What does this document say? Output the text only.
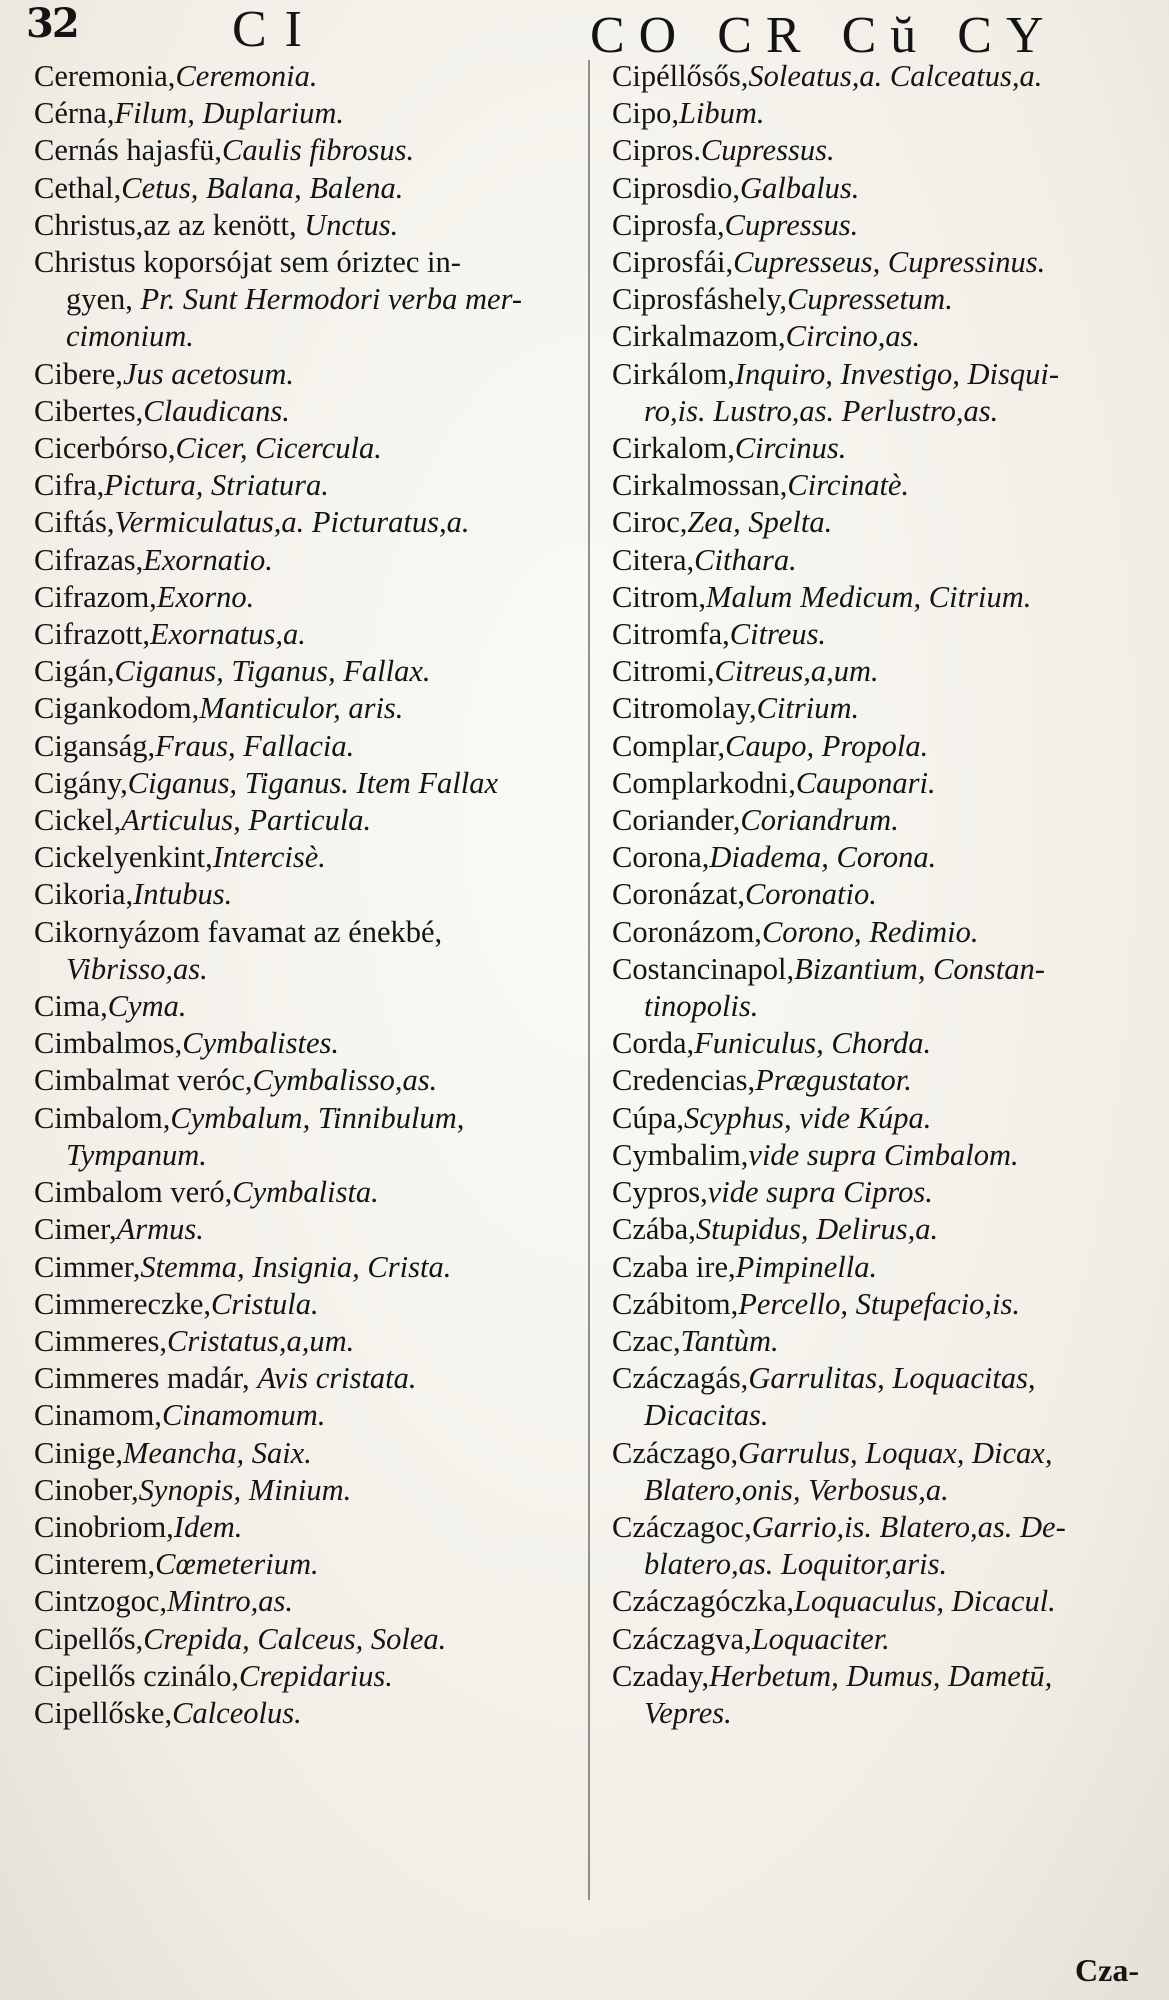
32	CI	CO CR Cŭ CY

Ceremonia,Ceremonia.

Cérna,Filum, Duplarium.

Cernás hajasfü,Caulis fibrosus.

Cethal,Cetus, Balana, Balena.

Christus,az az kenött, Unctus.

Christus koporsójat sem óriztec in-

gyen, Pr. Sunt Hermodori verba mer-

cimonium.

Cibere,Jus acetosum.

Cibertes,Claudicans.

Cicerbórso,Cicer, Cicercula.

Cifra,Pictura, Striatura.

Ciftás,Vermiculatus,a. Picturatus,a.

Cifrazas,Exornatio.

Cifrazom,Exorno.

Cifrazott,Exornatus,a.

Cigán,Ciganus, Tiganus, Fallax.

Cigankodom,Manticulor, aris.

Ciganság,Fraus, Fallacia.

Cigány,Ciganus, Tiganus. Item Fallax

Cickel,Articulus, Particula.

Cickelyenkint,Intercisè.

Cikoria,Intubus.

Cikornyázom favamat az énekbé,

Vibrisso,as.

Cima,Cyma.

Cimbalmos,Cymbalistes.

Cimbalmat veróc,Cymbalisso,as.

Cimbalom,Cymbalum, Tinnibulum,

Tympanum.

Cimbalom veró,Cymbalista.

Cimer,Armus.

Cimmer,Stemma, Insignia, Crista.

Cimmereczke,Cristula.

Cimmeres,Cristatus,a,um.

Cimmeres madár, Avis cristata.

Cinamom,Cinamomum.

Cinige,Meancha, Saix.

Cinober,Synopis, Minium.

Cinobriom,Idem.

Cinterem,Cœmeterium.

Cintzogoc,Mintro,as.

Cipellős,Crepida, Calceus, Solea.

Cipellős czinálo,Crepidarius.

Cipellőske,Calceolus.

Cipéllősős,Soleatus,a. Calceatus,a.

Cipo,Libum.

Cipros.Cupressus.

Ciprosdio,Galbalus.

Ciprosfa,Cupressus.

Ciprosfái,Cupresseus, Cupressinus.

Ciprosfáshely,Cupressetum.

Cirkalmazom,Circino,as.

Cirkálom,Inquiro, Investigo, Disqui-

ro,is. Lustro,as. Perlustro,as.

Cirkalom,Circinus.

Cirkalmossan,Circinatè.

Ciroc,Zea, Spelta.

Citera,Cithara.

Citrom,Malum Medicum, Citrium.

Citromfa,Citreus.

Citromi,Citreus,a,um.

Citromolay,Citrium.

Complar,Caupo, Propola.

Complarkodni,Cauponari.

Coriander,Coriandrum.

Corona,Diadema, Corona.

Coronázat,Coronatio.

Coronázom,Corono, Redimio.

Costancinapol,Bizantium, Constan-

tinopolis.

Corda,Funiculus, Chorda.

Credencias,Prægustator.

Cúpa,Scyphus, vide Kúpa.

Cymbalim,vide supra Cimbalom.

Cypros,vide supra Cipros.

Czába,Stupidus, Delirus,a.

Czaba ire,Pimpinella.

Czábitom,Percello, Stupefacio,is.

Czac,Tantùm.

Czáczagás,Garrulitas, Loquacitas,

Dicacitas.

Czáczago,Garrulus, Loquax, Dicax,

Blatero,onis, Verbosus,a.

Czáczagoc,Garrio,is. Blatero,as. De-

blatero,as. Loquitor,aris.

Czáczagóczka,Loquaculus, Dicacul.

Czáczagva,Loquaciter.

Czaday,Herbetum, Dumus, Dametū,

Vepres.

Cza-
